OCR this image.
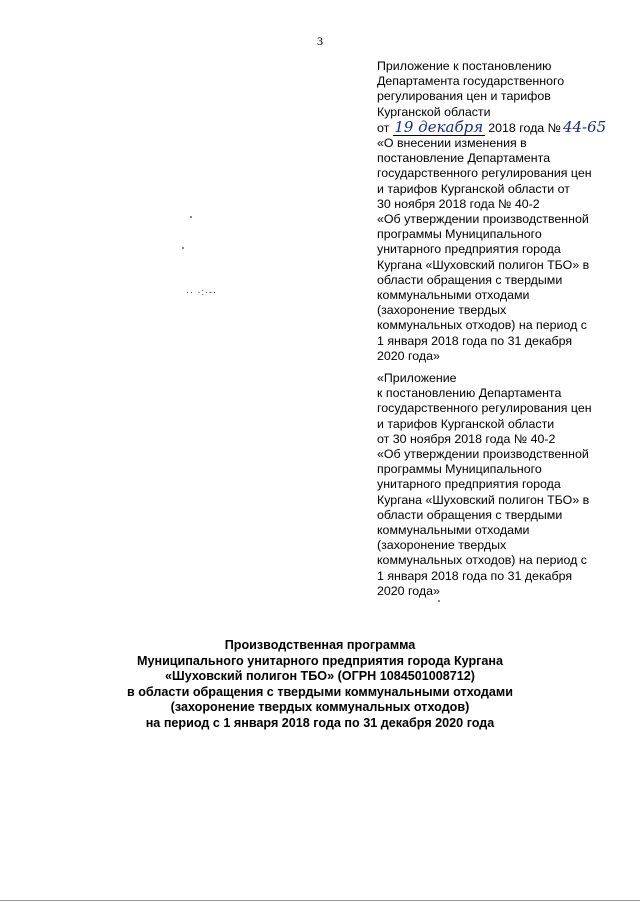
3
Приложение к постановлению
Департамента государственного
регулирования цен и тарифов
Курганской области
от 19 декабря 2018 года № 44-65
«О внесении изменения в
постановление Департамента
государственного регулирования цен
и тарифов Курганской области от
30 ноября 2018 года № 40-2
«Об утверждении производственной
программы Муниципального
унитарного предприятия города
Кургана «Шуховский полигон ТБО» в
области обращения с твердыми
коммунальными отходами
(захоронение твердых
коммунальных отходов) на период с
1 января 2018 года по 31 декабря
2020 года»
«Приложение
к постановлению Департамента
государственного регулирования цен
и тарифов Курганской области
от 30 ноября 2018 года № 40-2
«Об утверждении производственной
программы Муниципального
унитарного предприятия города
Кургана «Шуховский полигон ТБО» в
области обращения с твердыми
коммунальными отходами
(захоронение твердых
коммунальных отходов) на период с
1 января 2018 года по 31 декабря
2020 года»
Производственная программа
Муниципального унитарного предприятия города Кургана
«Шуховский полигон ТБО» (ОГРН 1084501008712)
в области обращения с твердыми коммунальными отходами
(захоронение твердых коммунальных отходов)
на период с 1 января 2018 года по 31 декабря 2020 года
·· ·:·-·
